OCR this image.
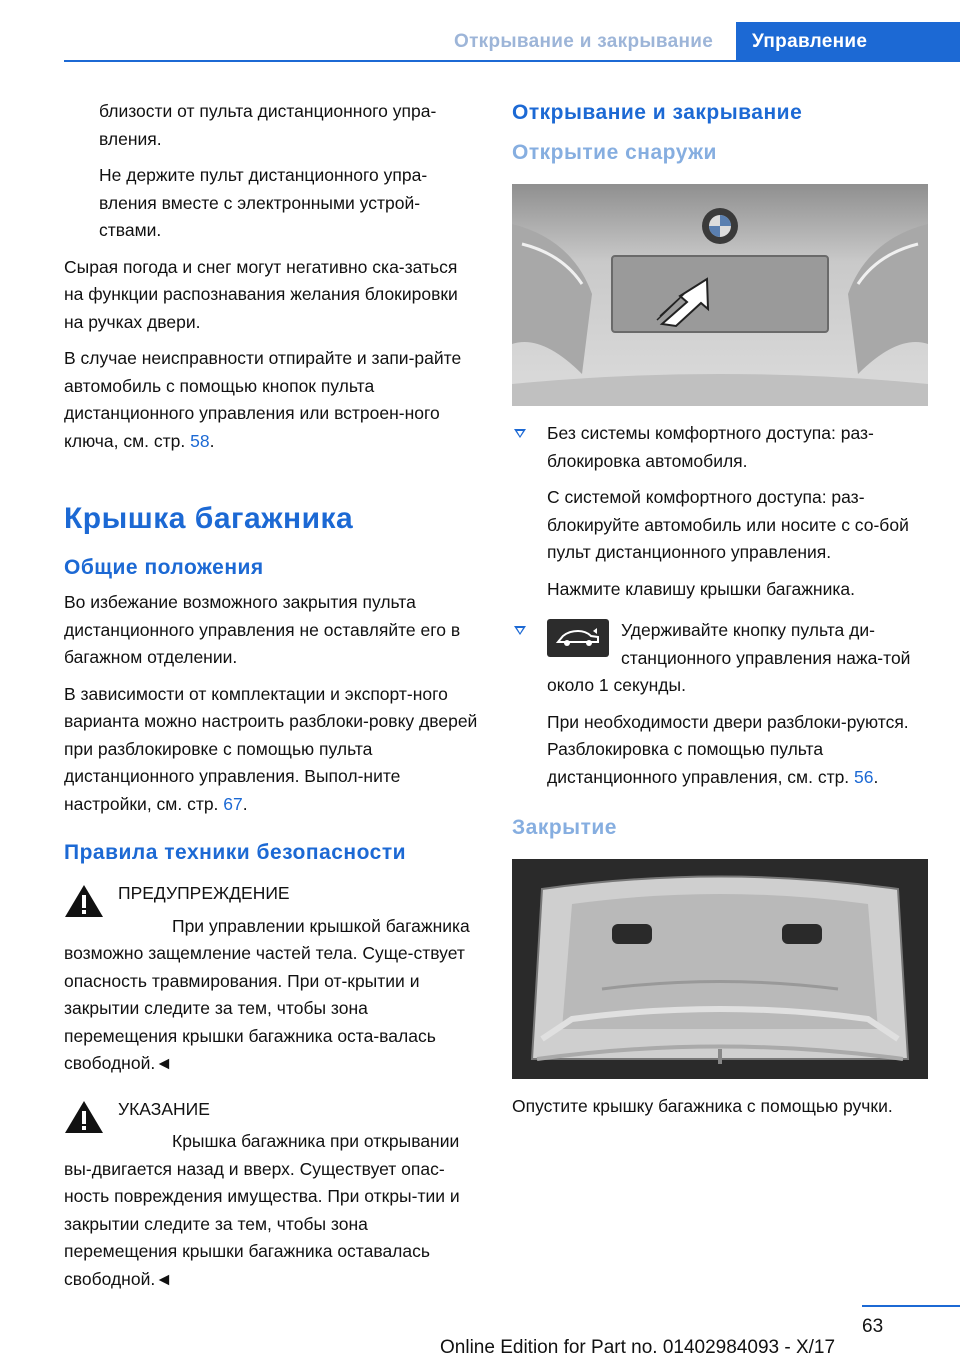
Открывание и закрывание	Управление

близости от пульта дистанционного упра-вления.

Не держите пульт дистанционного упра-вления вместе с электронными устрой-ствами.

Сырая погода и снег могут негативно ска-заться на функции распознавания желания блокировки на ручках двери.

В случае неисправности отпирайте и запи-райте автомобиль с помощью кнопок пульта дистанционного управления или встроен-ного ключа, см. стр. 58.

Крышка багажника
Общие положения

Во избежание возможного закрытия пульта дистанционного управления не оставляйте его в багажном отделении.

В зависимости от комплектации и экспорт-ного варианта можно настроить разблоки-ровку дверей при разблокировке с помощью пульта дистанционного управления. Выпол-ните настройки, см. стр. 67.

Правила техники безопасности
ПРЕДУПРЕЖДЕНИЕ

При управлении крышкой багажника возможно защемление частей тела. Суще-ствует опасность травмирования. При от-крытии и закрытии следите за тем, чтобы зона перемещения крышки багажника оста-валась свободной.◄

УКАЗАНИЕ

Крышка багажника при открывании вы-двигается назад и вверх. Существует опас-ность повреждения имущества. При откры-тии и закрытии следите за тем, чтобы зона перемещения крышки багажника оставалась свободной.◄

Открывание и закрывание
Открытие снаружи

Без системы комфортного доступа: раз-блокировка автомобиля.

С системой комфортного доступа: раз-блокируйте автомобиль или носите с со-бой пульт дистанционного управления.

Нажмите клавишу крышки багажника.

Удерживайте кнопку пульта ди-станционного управления нажа-той около 1 секунды.

При необходимости двери разблоки-руются. Разблокировка с помощью пульта дистанционного управления, см. стр. 56.

Закрытие

Опустите крышку багажника с помощью ручки.

63
Online Edition for Part no. 01402984093 - X/17
